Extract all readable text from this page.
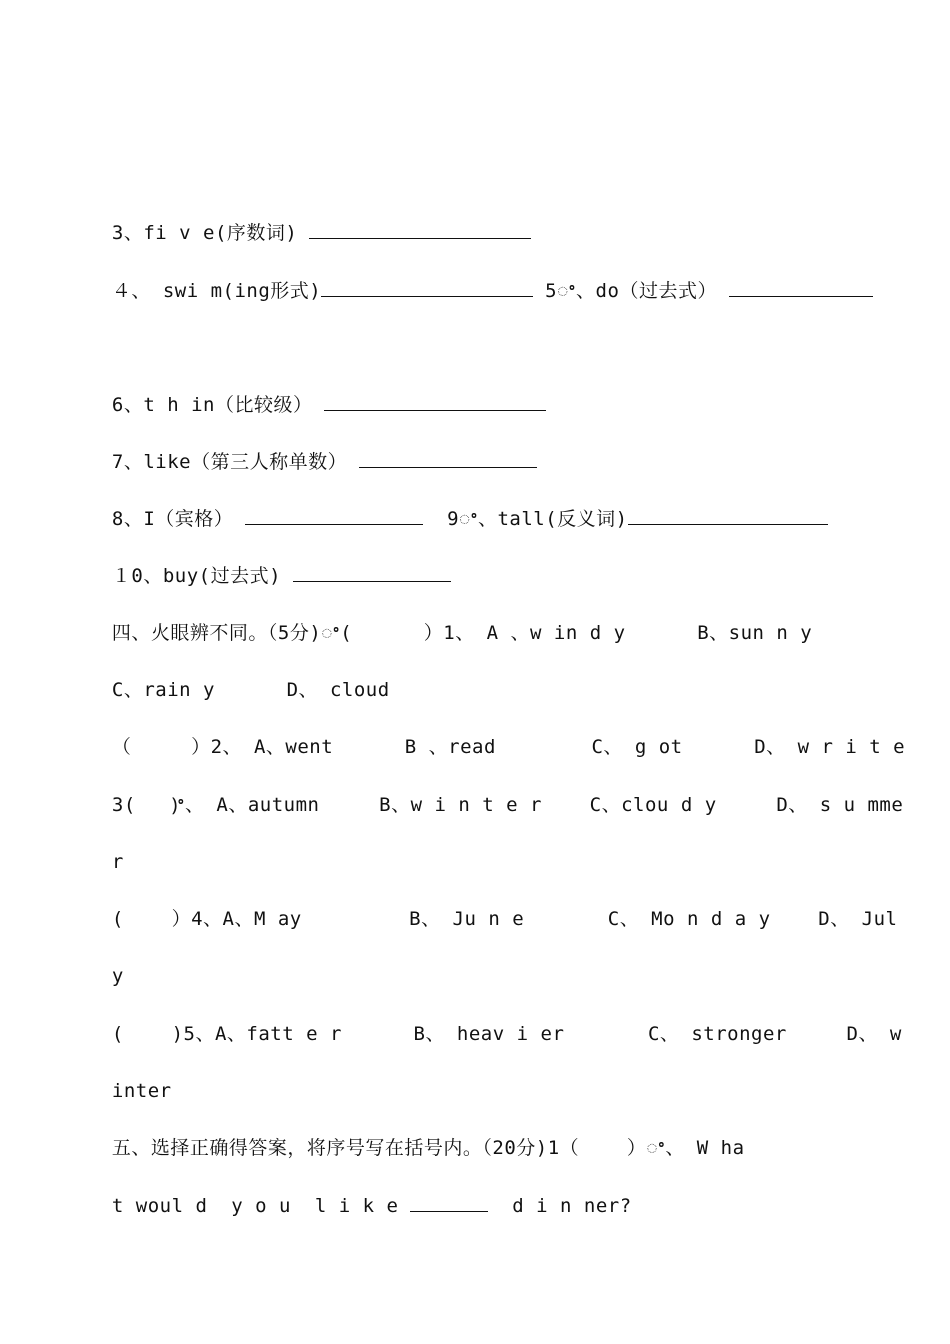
3、fi v e(序数词)

４、 swi m(ing形式)	5ꢀ、do（过去式）

6、t h in（比较级）

7、like（第三人称单数）

8、I（宾格）	9ꢀ、tall(反义词)

１0、buy(过去式)

四、火眼辨不同。（5分)ꢀ(      ）1、 A 、w in d y      B、sun n y

C、rain y      D、 cloud

（     ）2、 A、went      B 、read        C、 g ot      D、 w r i t e

3(   )ꢀ、 A、autumn     B、w i n t e r    C、clou d y     D、 s u mme

r

(    ）4、A、M ay         B、 Ju n e       C、 Mo n d a y    D、 Jul

y

(    )5、A、fatt e r      B、 heav i er       C、 stronger     D、 w

inter

五、选择正确得答案，将序号写在括号内。（20分)1（    ）ꢀ、 W ha

t woul d  y o u  l i k e	d i n ner?
